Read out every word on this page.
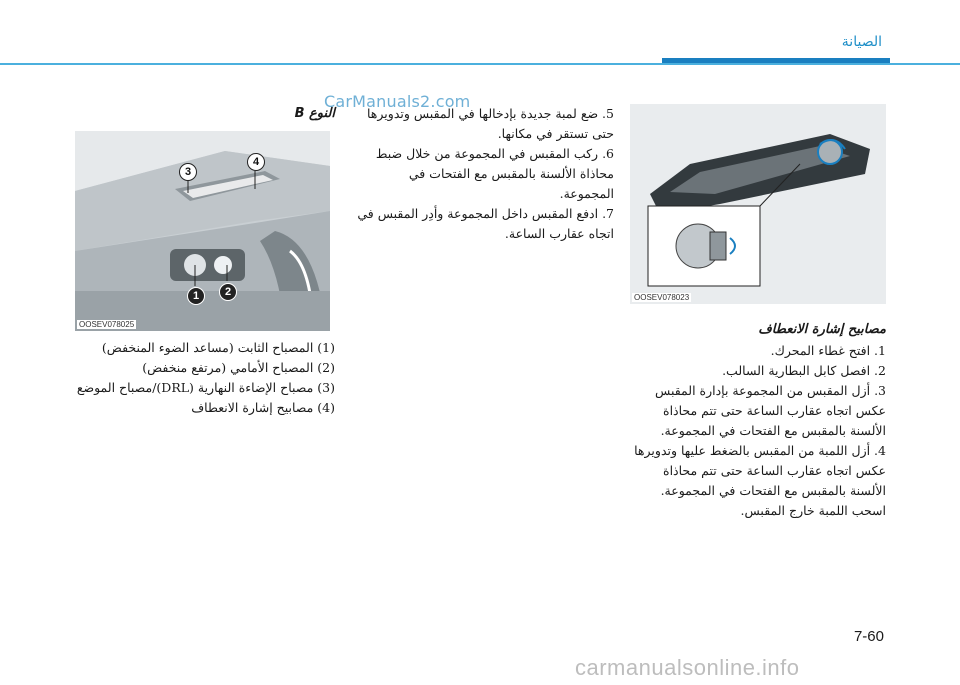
الصيانة
CarManuals2.com
3
4
1	2
OOSEV078025
OOSEV078023

(1) المصباح الثابت (مساعد الضوء المنخفض)

(2) المصباح الأمامي (مرتفع منخفض)

(3) مصباح الإضاءة النهارية (DRL)/مصباح الموضع

(4) مصابيح إشارة الانعطاف

النوع B	5. ضع لمبة جديدة بإدخالها في المقبس وتدويرها حتى تستقر في مكانها.

6. ركب المقبس في المجموعة من خلال ضبط محاذاة الألسنة بالمقبس مع الفتحات في المجموعة.

7. ادفع المقبس داخل المجموعة وأدِر المقبس في اتجاه عقارب الساعة.

مصابيح إشارة الانعطاف

1. افتح غطاء المحرك.

2. افصل كابل البطارية السالب.

3. أزل المقبس من المجموعة بإدارة المقبس عكس اتجاه عقارب الساعة حتى تتم محاذاة الألسنة بالمقبس مع الفتحات في المجموعة.

4. أزل اللمبة من المقبس بالضغط عليها وتدويرها عكس اتجاه عقارب الساعة حتى تتم محاذاة الألسنة بالمقبس مع الفتحات في المجموعة. اسحب اللمبة خارج المقبس.

7-60
carmanualsonline.info
